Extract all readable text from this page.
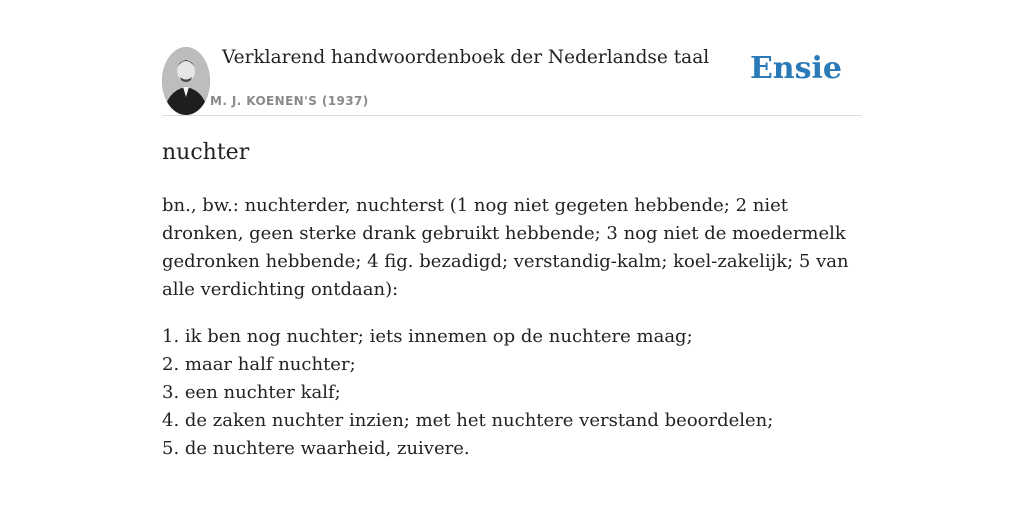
Verklarend handwoordenboek der Nederlandse taal
M. J. KOENEN'S (1937)
Ensie
nuchter

bn., bw.: nuchterder, nuchterst (1 nog niet gegeten hebbende; 2 niet dronken, geen sterke drank gebruikt hebbende; 3 nog niet de moedermelk gedronken hebbende; 4 fig. bezadigd; verstandig-kalm; koel-zakelijk; 5 van alle verdichting ontdaan):

1. ik ben nog nuchter; iets innemen op de nuchtere maag;
2. maar half nuchter;
3. een nuchter kalf;
4. de zaken nuchter inzien; met het nuchtere verstand beoordelen;
5. de nuchtere waarheid, zuivere.
